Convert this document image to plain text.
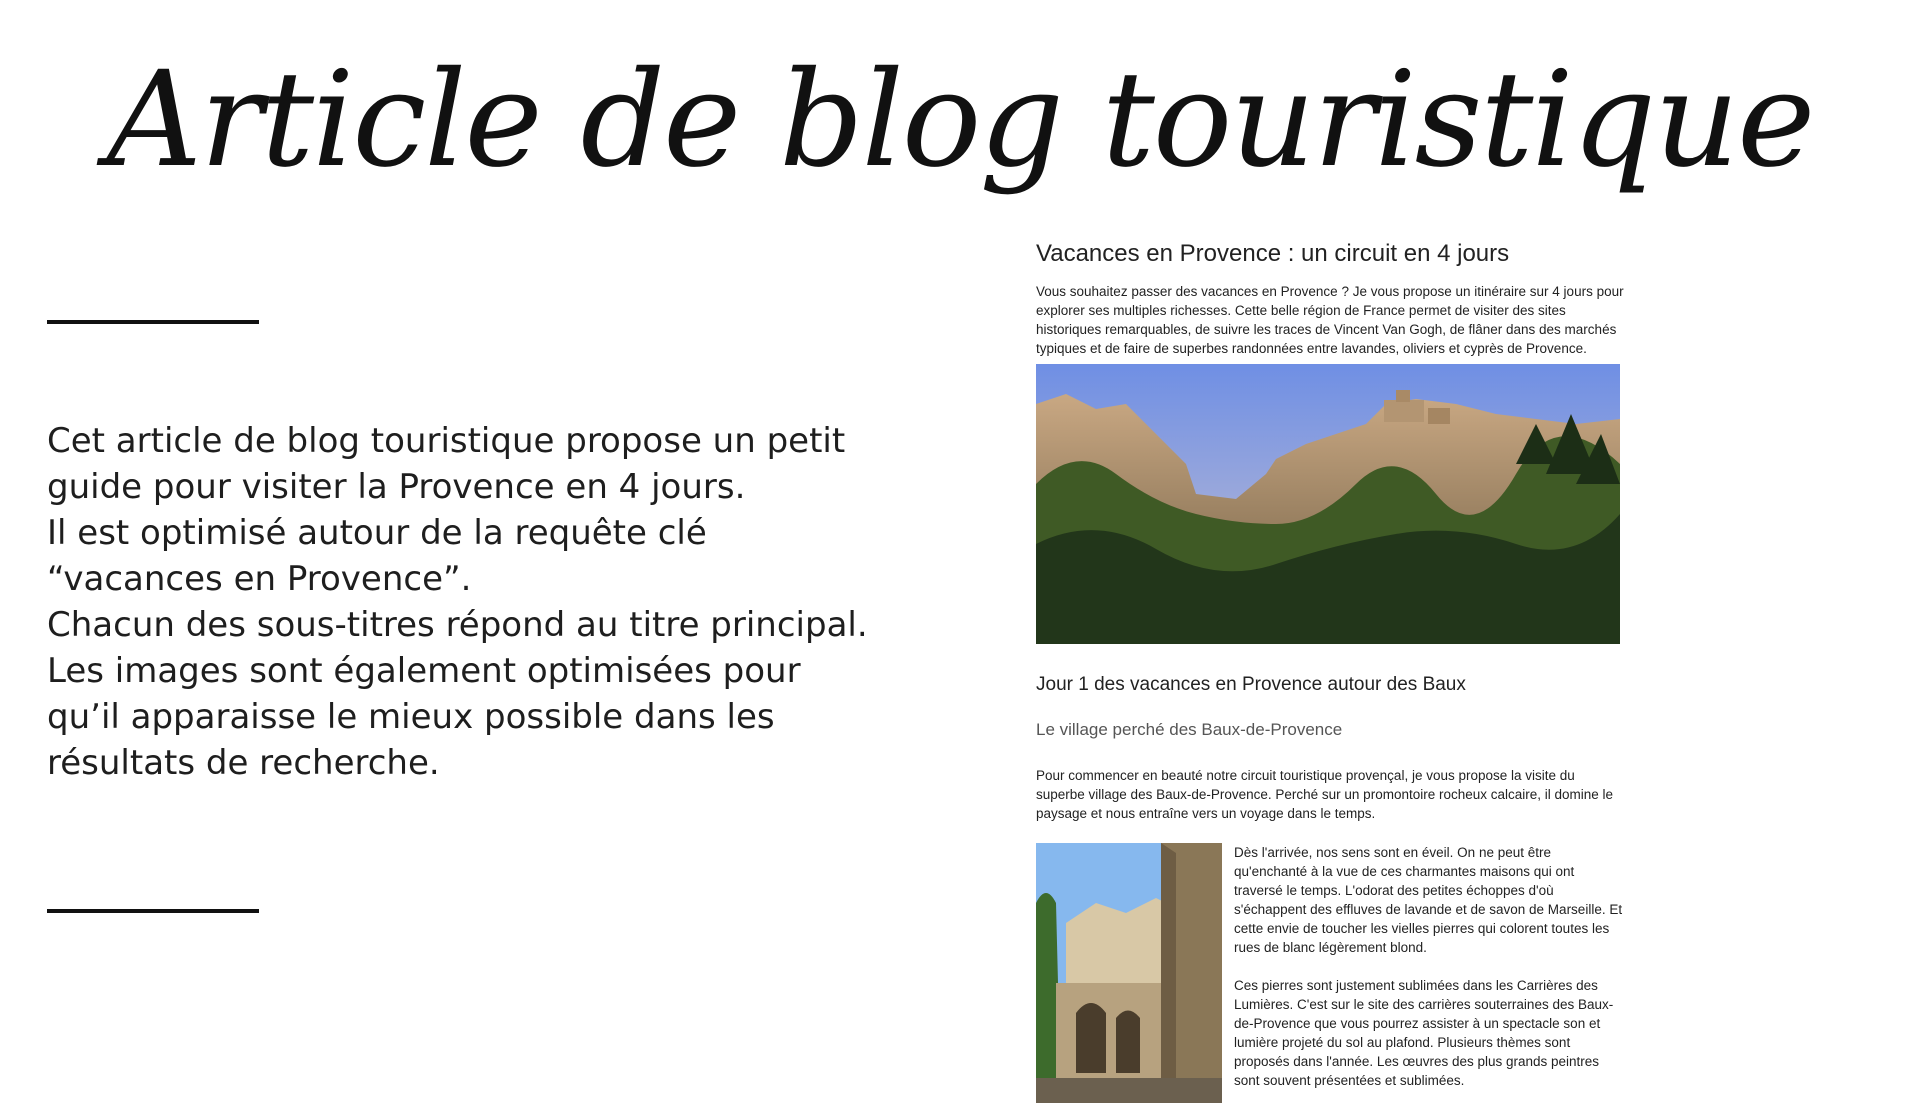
Article de blog touristique

Cet article de blog touristique propose un petit guide pour visiter la Provence en 4 jours.

Il est optimisé autour de la requête clé “vacances en Provence”.

Chacun des sous-titres répond au titre principal. Les images sont également optimisées pour qu’il apparaisse le mieux possible dans les résultats de recherche.

Vacances en Provence : un circuit en 4 jours

Vous souhaitez passer des vacances en Provence ? Je vous propose un itinéraire sur 4 jours pour explorer ses multiples richesses. Cette belle région de France permet de visiter des sites historiques remarquables, de suivre les traces de Vincent Van Gogh, de flâner dans des marchés typiques et de faire de superbes randonnées entre lavandes, oliviers et cyprès de Provence.

Jour 1 des vacances en Provence autour des Baux
Le village perché des Baux-de-Provence

Pour commencer en beauté notre circuit touristique provençal, je vous propose la visite du superbe village des Baux-de-Provence. Perché sur un promontoire rocheux calcaire, il domine le paysage et nous entraîne vers un voyage dans le temps.

Dès l'arrivée, nos sens sont en éveil. On ne peut être qu'enchanté à la vue de ces charmantes maisons qui ont traversé le temps. L'odorat des petites échoppes d'où s'échappent des effluves de lavande et de savon de Marseille. Et cette envie de toucher les vielles pierres qui colorent toutes les rues de blanc légèrement blond.

Ces pierres sont justement sublimées dans les Carrières des Lumières. C'est sur le site des carrières souterraines des Baux-de-Provence que vous pourrez assister à un spectacle son et lumière projeté du sol au plafond. Plusieurs thèmes sont proposés dans l'année. Les œuvres des plus grands peintres sont souvent présentées et sublimées.
